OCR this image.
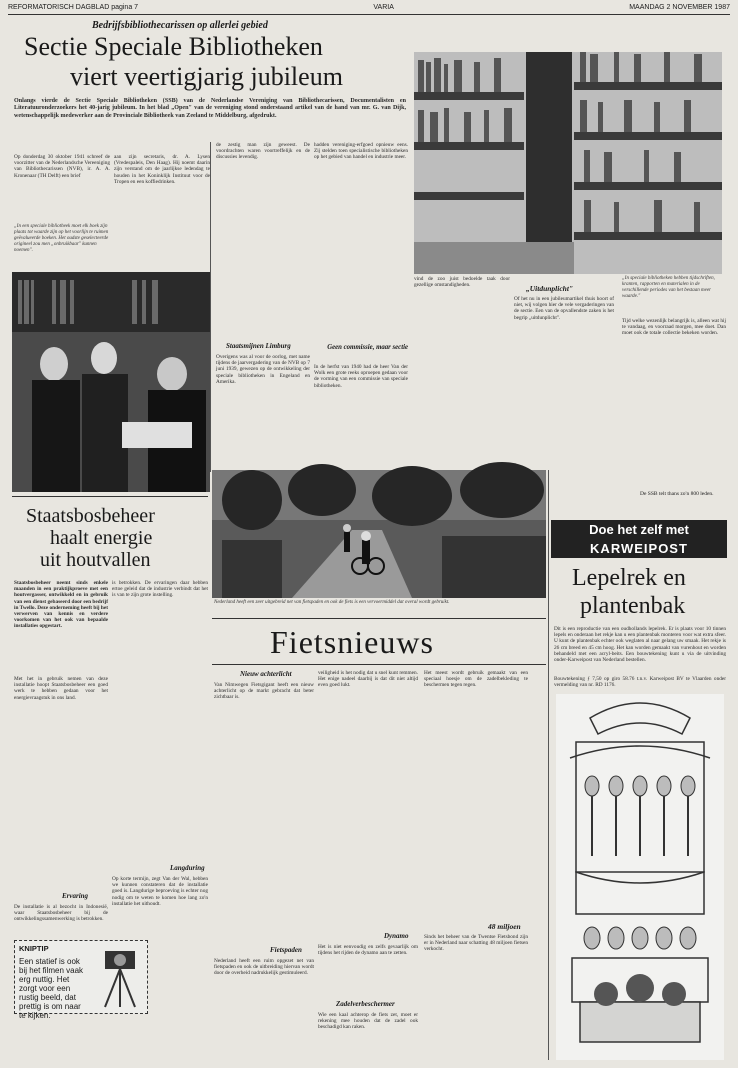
REFORMATORISCH DAGBLAD pagina 7	VARIA	MAANDAG 2 NOVEMBER 1987
Bedrijfsbibliothecarissen op allerlei gebied
Sectie Speciale Bibliotheken
viert veertigjarig jubileum
Onlangs vierde de Sectie Speciale Bibliotheken (SSB) van de Nederlandse Vereniging van Bibliothecarissen, Documentalisten en Literatuuronderzoekers het 40-jarig jubileum. In het blad „Open" van de vereniging stond onderstaand artikel van de hand van mr. G. van Dijk, wetenschappelijk medewerker aan de Provinciale Bibliotheek van Zeeland te Middelburg, afgedrukt.
Op donderdag 30 oktober 1941 schreef de voorzitter van de Nederlandsche Vereeniging van Bibliothecarissen (NVB), ir. A. A. Kronenaar (TH Delft) een brief
„In een speciale bibliotheek moet elk boek zijn plaats tot waarde zijn op het voorlijn te ruimen geëvalueerde boeken. Het oudste geselecteerde origineel zou men „onbruikbaar" kunnen noemen".
aan zijn secretaris, dr. A. Lysen (Vredespaleis, Den Haag). Hij noemt daarin zijn verstand om de jaarlijkse ledendag te houden in het Koninklijk Instituut voor de Tropen en een koffiedrinken.
de zestig man zijn geweest. De voordrachten waren voortreffelijk en de discussies levendig.
Staatsmijnen Limburg
Overigens was al voor de oorlog, met name tijdens de jaarvergadering van de NVB op 7 juni 1939, gewezen op de ontwikkeling der speciale bibliotheken in Engeland en Amerika.
hadden vereniging-erfgoed opnieuw eens. Zij stelden toen specialistische bibliotheken op het gebied van handel en industrie meer.
Geen commissie, maar sectie
In de herfst van 1940 had de heer Van der Wolk een grote reeks oproepen gedaan voor de vorming van een commissie van speciale bibliotheken.
vind de zoo juist bedoelde taak door gezellige omstandigheden.	„Uitdunplicht"
Of het nu in een jubileumartikel thuis hoort of niet, wij volgen hier de vele vergaderingen van de sectie. Een van de opvallendste zaken is het begrip „uitdunplicht".
„In speciale bibliotheken hebben tijdschriften, kranten, rapporten en materialen in de verschillende periodes van het bestaan meer waarde."
Tijd welke wezenlijk belangrijk is, alleen wat hij te vandaag, en voorraad morgen, mee doet. Dan moet ook de totale collectie bekeken worden.
De SSB telt thans zo'n 800 leden.
Nederland heeft een zeer uitgebreid net van fietspaden en ook de fiets is een vervoermiddel dat overal wordt gebruikt.
Staatsbosbeheer
haalt energie
uit houtvallen
Staatsbosbeheer neemt sinds enkele maanden in een praktijkproeve met een houtvergasser, ontwikkeld en in gebruik van een dienst gebaseerd door een bedrijf in Twello. Deze onderneming heeft bij het verwerven van kennis en verdere voorkomen van het ook van bepaalde installaties opgestart.
Met het in gebruik nemen van deze installatie hoopt Staatsbosbeheer een goed werk te hebben gedaan voor het energievraagstuk in ons land.
Ervaring
De installatie is al bezocht in Indonesië, waar Staatsbosbeheer bij de ontwikkelingssamenwerking is betrokken.
is betrokken. De ervaringen daar hebben ertoe geleid dat de industrie verbindt dat het is van te zijn grote instelling.
Langduring
Op korte termijn, zegt Van der Wal, hebben we kunnen constateren dat de installatie goed is. Langdurige beproeving is echter nog nodig om te weten te komen hoe lang zo'n installatie het uithoudt.
KNIPTIP
Een statief is ook bij het filmen vaak erg nuttig. Het zorgt voor een rustig beeld, dat prettig is om naar te kijken.
Fietsnieuws
Nieuw achterlicht
Van Nimwegen Fietsgigant heeft een nieuw achterlicht op de markt gebracht dat beter zichtbaar is.
Fietspaden
Nederland heeft een ruim opgezet net van fietspaden en ook de uitbreiding hiervan wordt door de overheid nadrukkelijk gestimuleerd.
veiligheid is het nodig dat u snel kunt remmen. Het enige nadeel daarbij is dat dit niet altijd even goed lukt.
Dynamo
Het is niet eenvoudig en zelfs gevaarlijk om tijdens het rijden de dynamo aan te zetten.
Zadelverbeschermer
Wie een kaal achterop de fiets zet, moet er rekening mee houden dat de zadel ook beschadigd kan raken.
Het meest wordt gebruik gemaakt van een speciaal hoesje om de zadelbekleding te beschermen tegen regen.
48 miljoen
Sinds het beheer van de Twentse Fietsbond zijn er in Nederland naar schatting 48 miljoen fietsen verkocht.
Doe het zelf met
KARWEIPOST
Lepelrek en
plantenbak
Dit is een reproductie van een oudhollands lepelrek. Er is plaats voor 10 tinnen lepels en onderaan het rekje kan u een plantenbak monteren voor wat extra sfeer. U kunt de plantenbak echter ook weglaten al naar gelang uw smaak. Het rekje is 26 cm breed en 45 cm hoog. Het kan worden gemaakt van vurenhout en worden behandeld met een acryl-beits. Een bouwtekening kunt u via de uitvinding onder-Karweipost van Nederland bestellen.
Bouwtekening ƒ 7,50 op giro 58.76 t.n.v. Karweipost BV te Vlaarden onder vermelding van nr. RD 1176.
